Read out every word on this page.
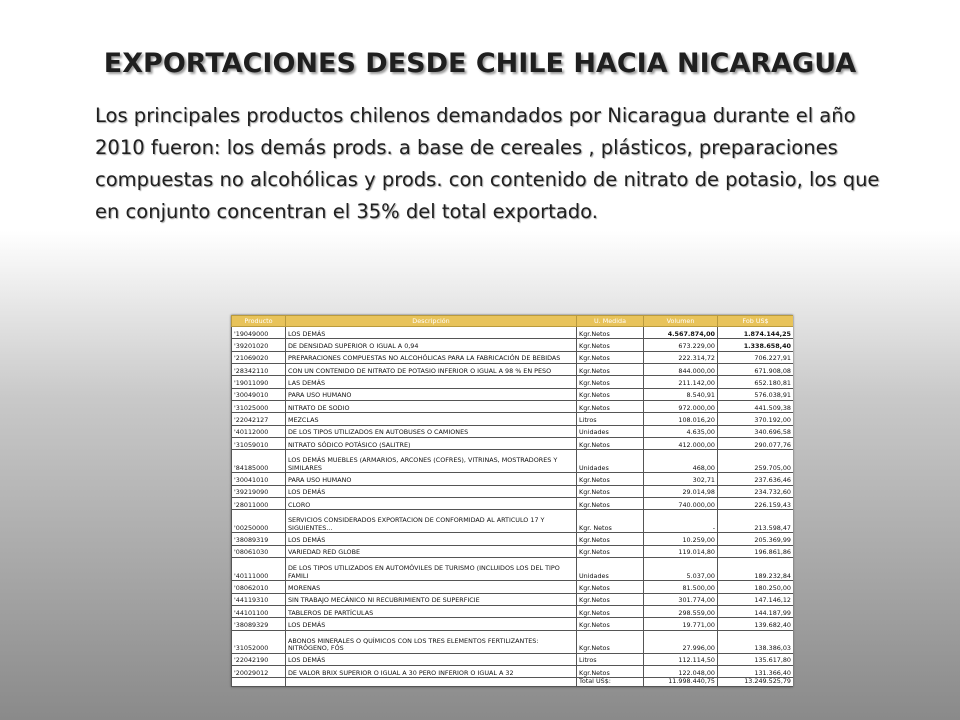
EXPORTACIONES DESDE CHILE HACIA NICARAGUA
Los principales productos chilenos demandados por Nicaragua durante el año 2010 fueron: los demás prods. a base de cereales , plásticos, preparaciones compuestas no alcohólicas y prods. con contenido de nitrato de potasio, los que en conjunto concentran el 35% del total exportado.
Producto	Descripción	U. Medida	Volumen	Fob US$
'19049000	LOS DEMÁS	Kgr.Netos	4.567.874,00	1.874.144,25
'39201020	DE DENSIDAD SUPERIOR O IGUAL A 0,94	Kgr.Netos	673.229,00	1.338.658,40
'21069020	PREPARACIONES COMPUESTAS NO ALCOHÓLICAS PARA LA FABRICACIÓN DE BEBIDAS	Kgr.Netos	222.314,72	706.227,91
'28342110	CON UN CONTENIDO DE NITRATO DE POTASIO INFERIOR O IGUAL A 98 % EN PESO	Kgr.Netos	844.000,00	671.908,08
'19011090	LAS DEMÁS	Kgr.Netos	211.142,00	652.180,81
'30049010	PARA USO HUMANO	Kgr.Netos	8.540,91	576.038,91
'31025000	NITRATO DE SODIO	Kgr.Netos	972.000,00	441.509,38
'22042127	MEZCLAS	Litros	108.016,20	370.192,00
'40112000	DE LOS TIPOS UTILIZADOS EN AUTOBUSES O CAMIONES	Unidades	4.635,00	340.696,58
'31059010	NITRATO SÓDICO POTÁSICO (SALITRE)	Kgr.Netos	412.000,00	290.077,76
'84185000	LOS DEMÁS MUEBLES (ARMARIOS, ARCONES (COFRES), VITRINAS, MOSTRADORES Y SIMILARES	Unidades	468,00	259.705,00
'30041010	PARA USO HUMANO	Kgr.Netos	302,71	237.636,46
'39219090	LOS DEMÁS	Kgr.Netos	29.014,98	234.732,60
'28011000	CLORO	Kgr.Netos	740.000,00	226.159,43
'00250000	SERVICIOS CONSIDERADOS EXPORTACION DE CONFORMIDAD AL ARTICULO 17 Y SIGUIENTES...	Kgr. Netos	-	213.598,47
'38089319	LOS DEMÁS	Kgr.Netos	10.259,00	205.369,99
'08061030	VARIEDAD RED GLOBE	Kgr.Netos	119.014,80	196.861,86
'40111000	DE LOS TIPOS UTILIZADOS EN AUTOMÓVILES DE TURISMO (INCLUIDOS LOS DEL TIPO FAMILI	Unidades	5.037,00	189.232,84
'08062010	MORENAS	Kgr.Netos	81.500,00	180.250,00
'44119310	SIN TRABAJO MECÁNICO NI RECUBRIMIENTO DE SUPERFICIE	Kgr.Netos	301.774,00	147.146,12
'44101100	TABLEROS DE PARTÍCULAS	Kgr.Netos	298.559,00	144.187,99
'38089329	LOS DEMÁS	Kgr.Netos	19.771,00	139.682,40
'31052000	ABONOS MINERALES O QUÍMICOS CON LOS TRES ELEMENTOS FERTILIZANTES: NITRÓGENO, FÓS	Kgr.Netos	27.996,00	138.386,03
'22042190	LOS DEMÁS	Litros	112.114,50	135.617,80
'20029012	DE VALOR BRIX SUPERIOR O IGUAL A 30 PERO INFERIOR O IGUAL A 32	Kgr.Netos	122.048,00	131.366,40
		Total US$:	11.998.440,75	13.249.525,79
